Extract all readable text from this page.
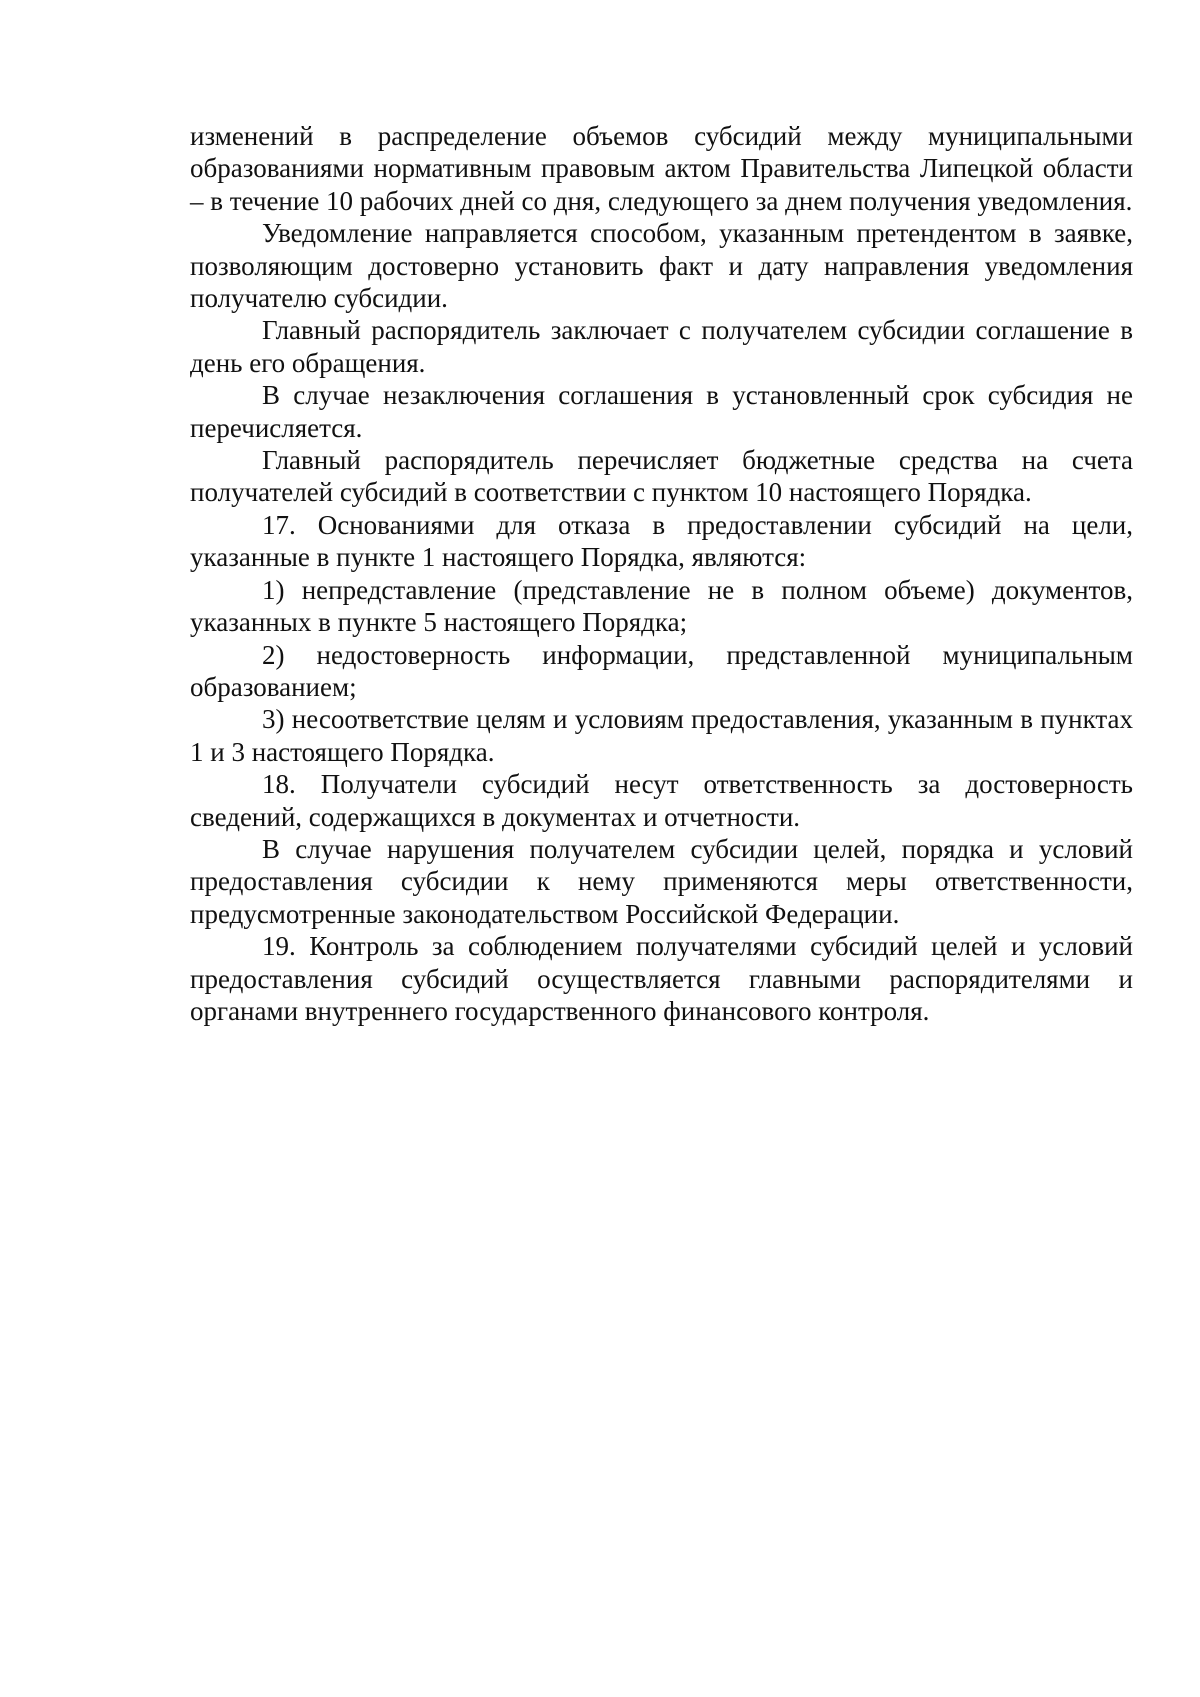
изменений в распределение объемов субсидий между муниципальными образованиями нормативным правовым актом Правительства Липецкой области – в течение 10 рабочих дней со дня, следующего за днем получения уведомления.

Уведомление направляется способом, указанным претендентом в заявке, позволяющим достоверно установить факт и дату направления уведомления получателю субсидии.

Главный распорядитель заключает с получателем субсидии соглашение в день его обращения.

В случае незаключения соглашения в установленный срок субсидия не перечисляется.

Главный распорядитель перечисляет бюджетные средства на счета получателей субсидий в соответствии с пунктом 10 настоящего Порядка.

17. Основаниями для отказа в предоставлении субсидий на цели, указанные в пункте 1 настоящего Порядка, являются:

1) непредставление (представление не в полном объеме) документов, указанных в пункте 5 настоящего Порядка;

2) недостоверность информации, представленной муниципальным образованием;

3) несоответствие целям и условиям предоставления, указанным в пунктах 1 и 3 настоящего Порядка.

18. Получатели субсидий несут ответственность за достоверность сведений, содержащихся в документах и отчетности.

В случае нарушения получателем субсидии целей, порядка и условий предоставления субсидии к нему применяются меры ответственности, предусмотренные законодательством Российской Федерации.

19. Контроль за соблюдением получателями субсидий целей и условий предоставления субсидий осуществляется главными распорядителями и органами внутреннего государственного финансового контроля.
